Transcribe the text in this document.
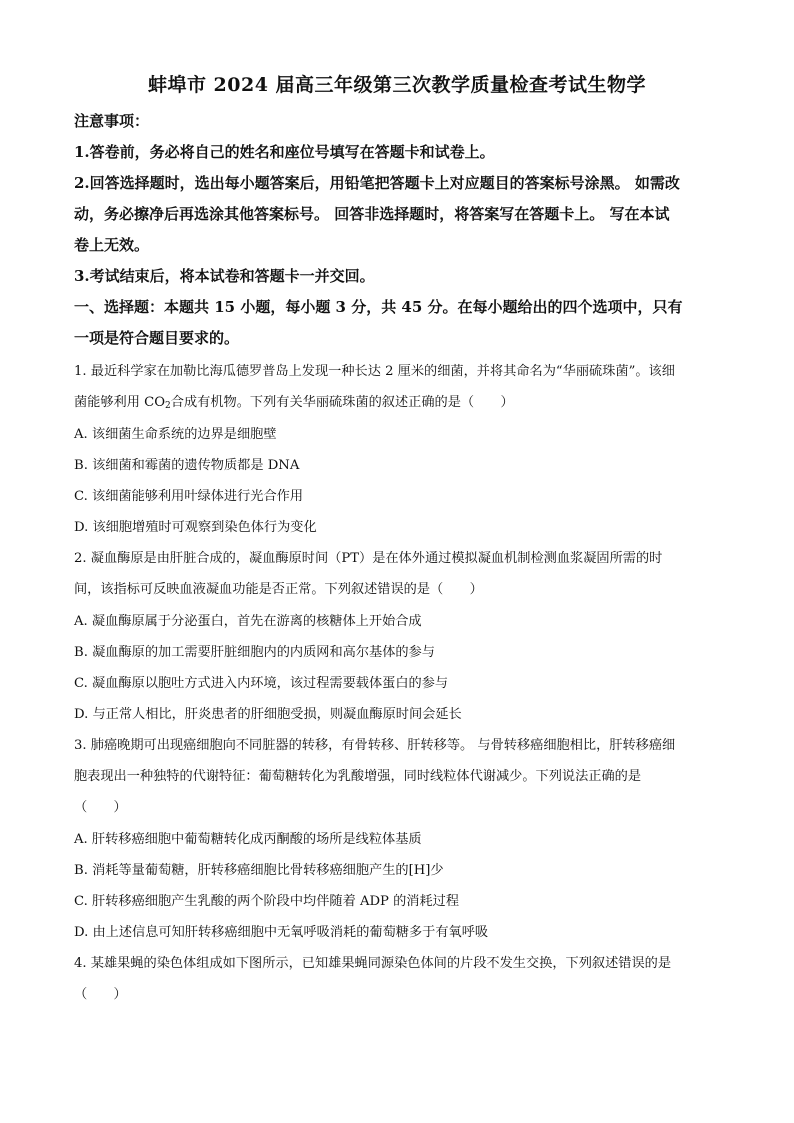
蚌埠市 2024 届高三年级第三次教学质量检查考试生物学
注意事项：
1.答卷前，务必将自己的姓名和座位号填写在答题卡和试卷上。
2.回答选择题时，选出每小题答案后，用铅笔把答题卡上对应题目的答案标号涂黑。 如需改
动，务必擦净后再选涂其他答案标号。 回答非选择题时，将答案写在答题卡上。 写在本试
卷上无效。
3.考试结束后，将本试卷和答题卡一并交回。
一、选择题：本题共 15 小题，每小题 3 分，共 45 分。在每小题给出的四个选项中，只有
一项是符合题目要求的。
1. 最近科学家在加勒比海瓜德罗普岛上发现一种长达 2 厘米的细菌，并将其命名为“华丽硫珠菌”。该细
菌能够利用 $CO_2$合成有机物。下列有关华丽硫珠菌的叙述正确的是（　　）
A. 该细菌生命系统的边界是细胞壁
B. 该细菌和霉菌的遗传物质都是 DNA
C. 该细菌能够利用叶绿体进行光合作用
D. 该细胞增殖时可观察到染色体行为变化
2. 凝血酶原是由肝脏合成的，凝血酶原时间（PT）是在体外通过模拟凝血机制检测血浆凝固所需的时
间，该指标可反映血液凝血功能是否正常。下列叙述错误的是（　　）
A. 凝血酶原属于分泌蛋白，首先在游离的核糖体上开始合成
B. 凝血酶原的加工需要肝脏细胞内的内质网和高尔基体的参与
C. 凝血酶原以胞吐方式进入内环境，该过程需要载体蛋白的参与
D. 与正常人相比，肝炎患者的肝细胞受损，则凝血酶原时间会延长
3. 肺癌晚期可出现癌细胞向不同脏器的转移，有骨转移、肝转移等。 与骨转移癌细胞相比，肝转移癌细
胞表现出一种独特的代谢特征：葡萄糖转化为乳酸增强，同时线粒体代谢减少。下列说法正确的是
（　　）
A. 肝转移癌细胞中葡萄糖转化成丙酮酸的场所是线粒体基质
B. 消耗等量葡萄糖，肝转移癌细胞比骨转移癌细胞产生的[H]少
C. 肝转移癌细胞产生乳酸的两个阶段中均伴随着 ADP 的消耗过程
D. 由上述信息可知肝转移癌细胞中无氧呼吸消耗的葡萄糖多于有氧呼吸
4. 某雄果蝇的染色体组成如下图所示，已知雄果蝇同源染色体间的片段不发生交换，下列叙述错误的是
（　　）
